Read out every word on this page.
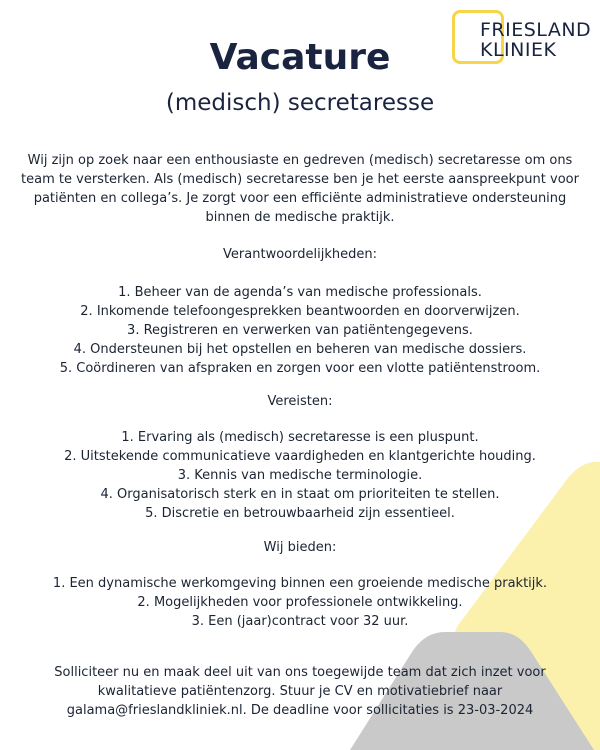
FRIESLAND
KLINIEK
Vacature
(medisch) secretaresse

Wij zijn op zoek naar een enthousiaste en gedreven (medisch) secretaresse om ons team te versterken. Als (medisch) secretaresse ben je het eerste aanspreekpunt voor patiënten en collega’s. Je zorgt voor een efficiënte administratieve ondersteuning binnen de medische praktijk.

Verantwoordelijkheden:
1. Beheer van de agenda’s van medische professionals.
2. Inkomende telefoongesprekken beantwoorden en doorverwijzen.
3. Registreren en verwerken van patiëntengegevens.
4. Ondersteunen bij het opstellen en beheren van medische dossiers.
5. Coördineren van afspraken en zorgen voor een vlotte patiëntenstroom.
Vereisten:
1. Ervaring als (medisch) secretaresse is een pluspunt.
2. Uitstekende communicatieve vaardigheden en klantgerichte houding.
3. Kennis van medische terminologie.
4. Organisatorisch sterk en in staat om prioriteiten te stellen.
5. Discretie en betrouwbaarheid zijn essentieel.
Wij bieden:
1. Een dynamische werkomgeving binnen een groeiende medische praktijk.
2. Mogelijkheden voor professionele ontwikkeling.
3. Een (jaar)contract voor 32 uur.

Solliciteer nu en maak deel uit van ons toegewijde team dat zich inzet voor kwalitatieve patiëntenzorg. Stuur je CV en motivatiebrief naar galama@frieslandkliniek.nl. De deadline voor sollicitaties is 23-03-2024
